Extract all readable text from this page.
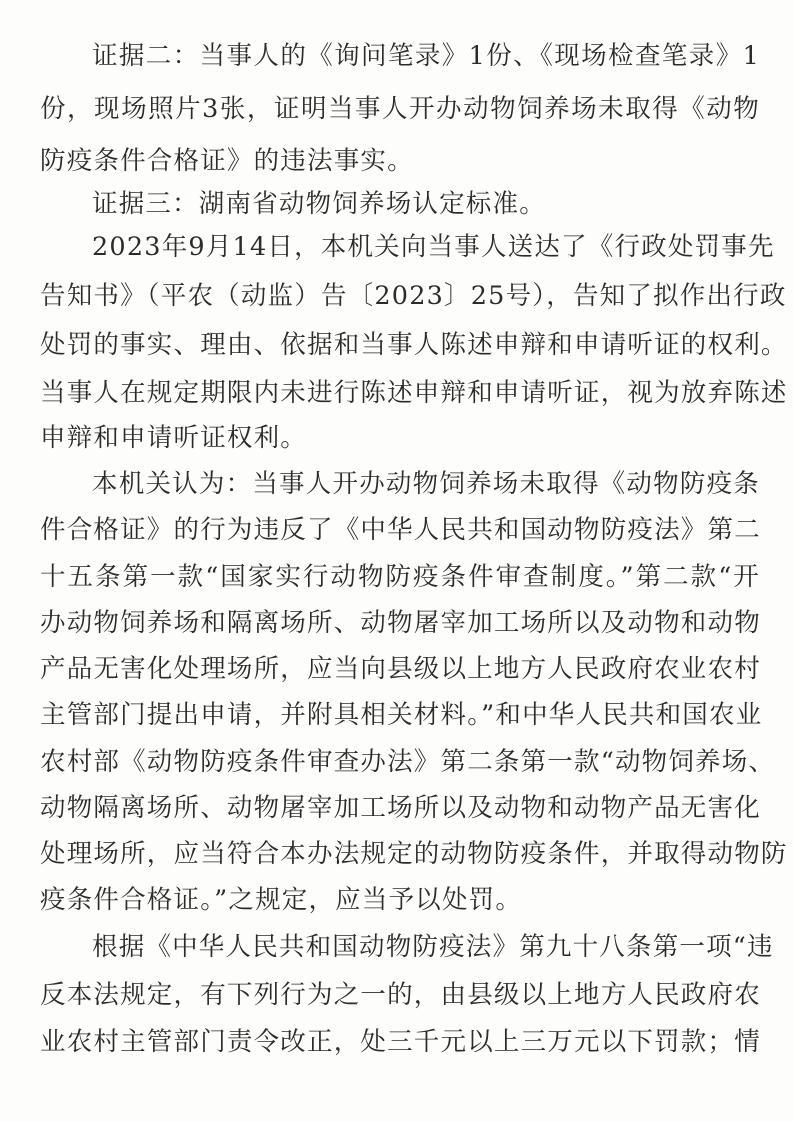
证据二：当事人的《询问笔录》1份、《现场检查笔录》1
份，现场照片3张，证明当事人开办动物饲养场未取得《动物
防疫条件合格证》的违法事实。
证据三：湖南省动物饲养场认定标准。
2023年9月14日，本机关向当事人送达了《行政处罚事先
告知书》（平农（动监）告〔2023〕25号），告知了拟作出行政
处罚的事实、理由、依据和当事人陈述申辩和申请听证的权利。
当事人在规定期限内未进行陈述申辩和申请听证，视为放弃陈述
申辩和申请听证权利。
本机关认为：当事人开办动物饲养场未取得《动物防疫条
件合格证》的行为违反了《中华人民共和国动物防疫法》第二
十五条第一款“国家实行动物防疫条件审查制度。”第二款“开
办动物饲养场和隔离场所、动物屠宰加工场所以及动物和动物
产品无害化处理场所，应当向县级以上地方人民政府农业农村
主管部门提出申请，并附具相关材料。”和中华人民共和国农业
农村部《动物防疫条件审查办法》第二条第一款“动物饲养场、
动物隔离场所、动物屠宰加工场所以及动物和动物产品无害化
处理场所，应当符合本办法规定的动物防疫条件，并取得动物防
疫条件合格证。”之规定，应当予以处罚。
根据《中华人民共和国动物防疫法》第九十八条第一项“违
反本法规定，有下列行为之一的，由县级以上地方人民政府农
业农村主管部门责令改正，处三千元以上三万元以下罚款；情
